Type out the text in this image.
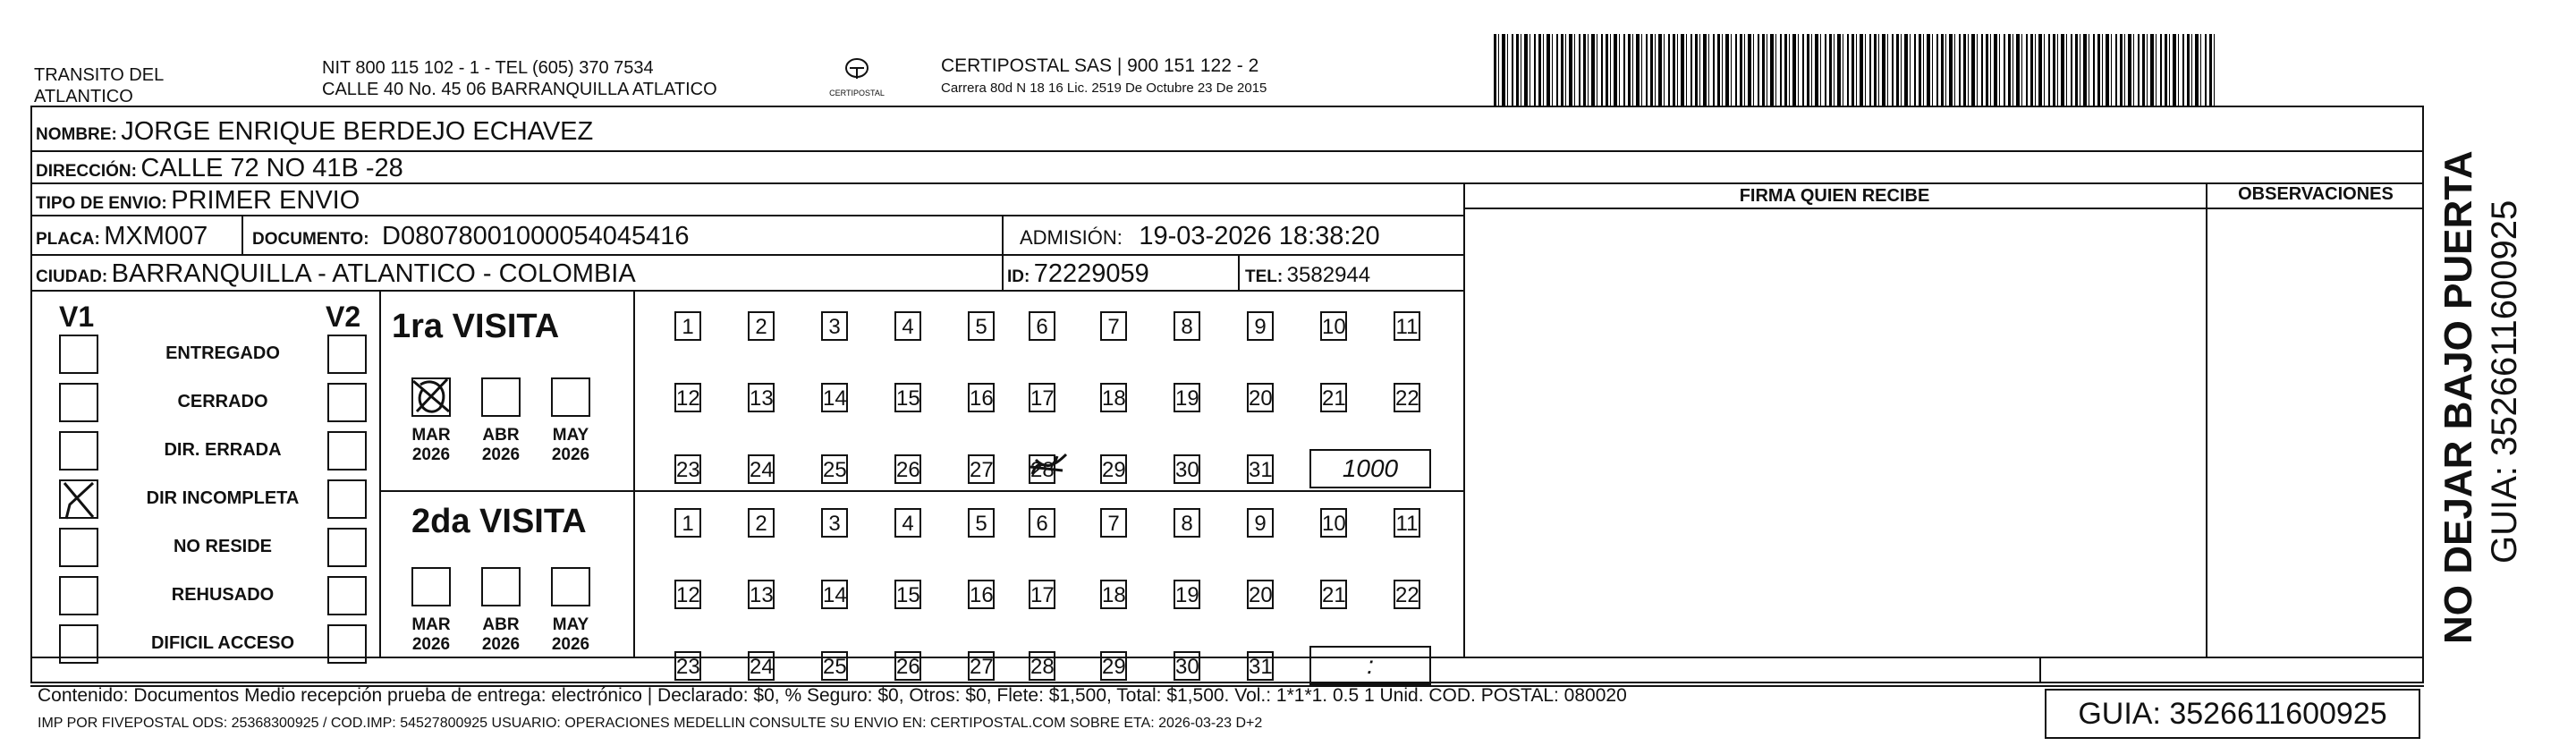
TRANSITO DEL
ATLANTICO
NIT 800 115 102 - 1 - TEL (605) 370 7534
CALLE 40 No. 45 06 BARRANQUILLA ATLATICO	CERTIPOSTAL
CERTIPOSTAL SAS | 900 151 122 - 2
Carrera 80d N 18 16 Lic. 2519 De Octubre 23 De 2015
NOMBRE: JORGE ENRIQUE BERDEJO ECHAVEZ
DIRECCIÓN: CALLE 72 NO 41B -28
TIPO DE ENVIO: PRIMER ENVIO
PLACA: MXM007	DOCUMENTO: D08078001000054045416	ADMISIÓN: 19-03-2026 18:38:20
CIUDAD: BARRANQUILLA - ATLANTICO - COLOMBIA	ID: 72229059	TEL: 3582944
FIRMA QUIEN RECIBE	OBSERVACIONES
V1	V2
ENTREGADO
CERRADO
DIR. ERRADA
DIR INCOMPLETA
NO RESIDE
REHUSADO
DIFICIL ACCESO
1ra VISITA
2da VISITA
MAR
2026
ABR
2026
MAY
2026
MAR
2026
ABR
2026
MAY
2026
1	2	3	4	5	6	7	8	9	10 11
12 13 14 15 16 17 18 19 20 21 22
23 24 25 26 27 28 29 30 31	1000
1	2	3	4	5	6	7	8	9	10 11
12 13 14 15 16 17 18 19 20 21 22
23 24 25 26 27 28 29 30 31	:
NO DEJAR BAJO PUERTA GUIA: 3526611600925
Contenido: Documentos Medio recepción prueba de entrega: electrónico | Declarado: $0, % Seguro: $0, Otros: $0, Flete: $1,500, Total: $1,500. Vol.: 1*1*1. 0.5 1 Unid. COD. POSTAL: 080020
IMP POR FIVEPOSTAL ODS: 25368300925 / COD.IMP: 54527800925 USUARIO: OPERACIONES MEDELLIN CONSULTE SU ENVIO EN: CERTIPOSTAL.COM SOBRE ETA: 2026-03-23 D+2	GUIA: 3526611600925
